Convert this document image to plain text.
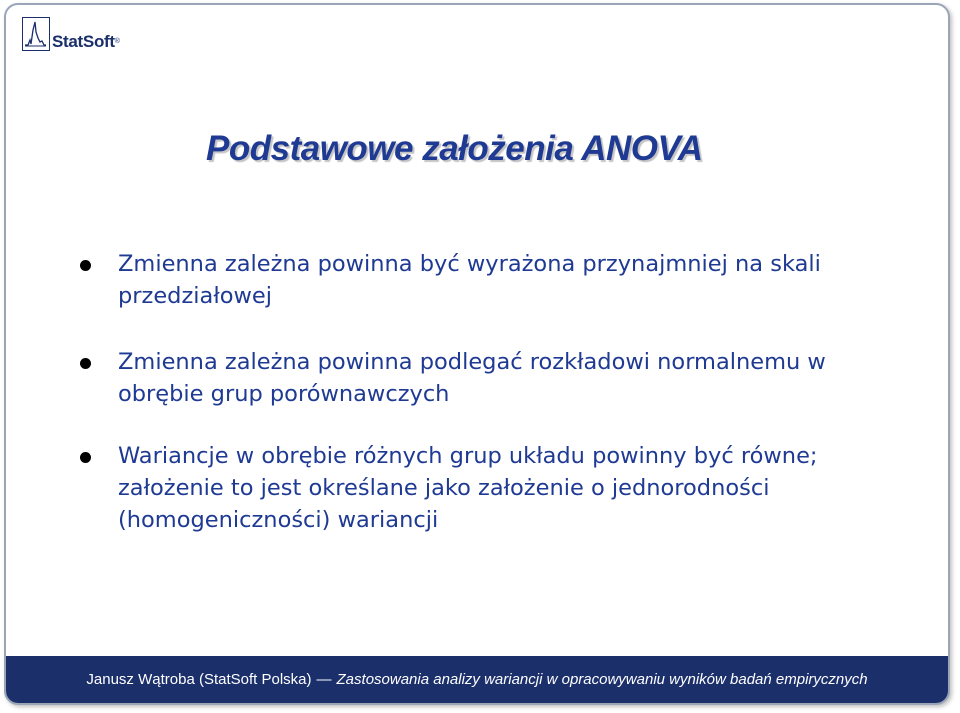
StatSoft®
Podstawowe założenia ANOVA
Zmienna zależna powinna być wyrażona przynajmniej na skali przedziałowej
Zmienna zależna powinna podlegać rozkładowi normalnemu w obrębie grup porównawczych
Wariancje w obrębie różnych grup układu powinny być równe; założenie to jest określane jako założenie o jednorodności (homogeniczności) wariancji
Janusz Wątroba (StatSoft Polska) — Zastosowania analizy wariancji w opracowywaniu wyników badań empirycznych
